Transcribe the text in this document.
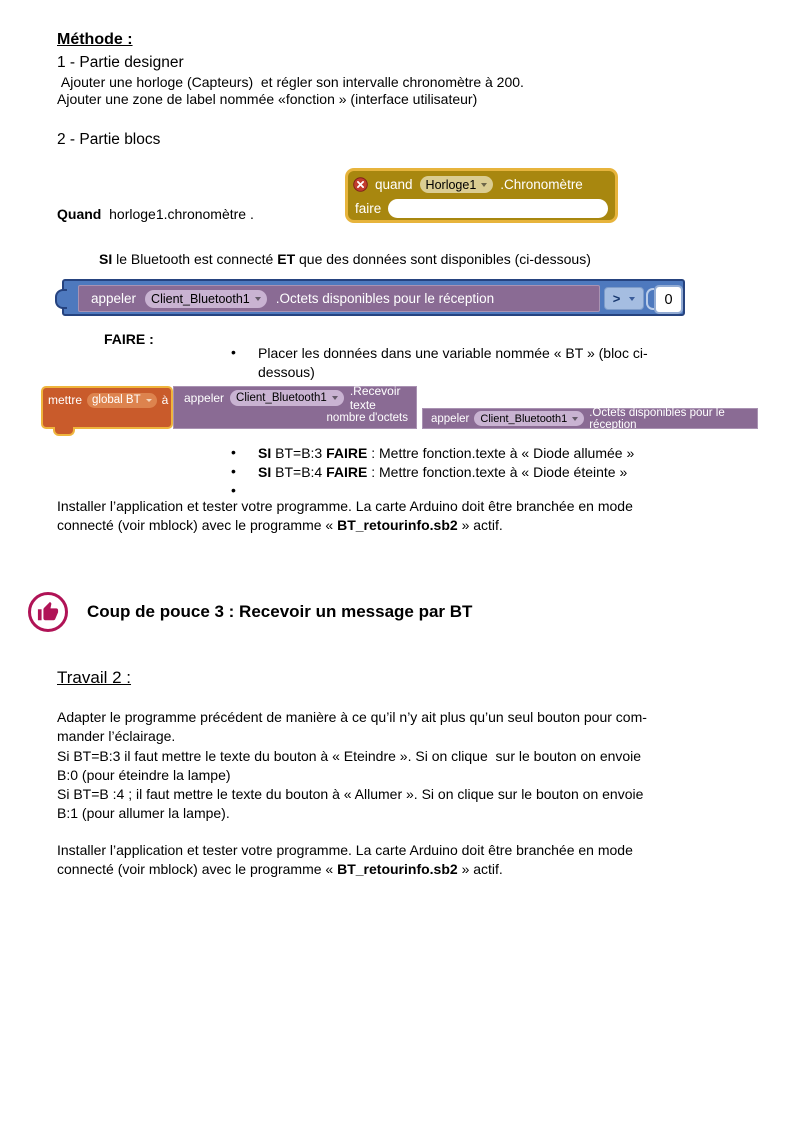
Méthode :
1 - Partie designer
Ajouter une horloge (Capteurs)  et régler son intervalle chronomètre à 200.
Ajouter une zone de label nommée «fonction » (interface utilisateur)
2 - Partie blocs
Quand  horloge1.chronomètre .
quand Horloge1 .Chronomètre
faire
SI le Bluetooth est connecté ET que des données sont disponibles (ci-dessous)
appeler Client_Bluetooth1 .Octets disponibles pour le réception	>	0
FAIRE :
•	Placer les données dans une variable nommée « BT » (bloc ci-
dessous)
mettre global BT à appeler Client_Bluetooth1 .Recevoir texte
nombre d'octets appeler Client_Bluetooth1 .Octets disponibles pour le réception
•	SI BT=B:3 FAIRE : Mettre fonction.texte à « Diode allumée »
•	SI BT=B:4 FAIRE : Mettre fonction.texte à « Diode éteinte »
•
Installer l’application et tester votre programme. La carte Arduino doit être branchée en mode
connecté (voir mblock) avec le programme « BT_retourinfo.sb2 » actif.
Coup de pouce 3 : Recevoir un message par BT
Travail 2 :
Adapter le programme précédent de manière à ce qu’il n’y ait plus qu’un seul bouton pour com-
mander l’éclairage.
Si BT=B:3 il faut mettre le texte du bouton à « Eteindre ». Si on clique  sur le bouton on envoie
B:0 (pour éteindre la lampe)
Si BT=B :4 ; il faut mettre le texte du bouton à « Allumer ». Si on clique sur le bouton on envoie
B:1 (pour allumer la lampe).
Installer l’application et tester votre programme. La carte Arduino doit être branchée en mode
connecté (voir mblock) avec le programme « BT_retourinfo.sb2 » actif.
